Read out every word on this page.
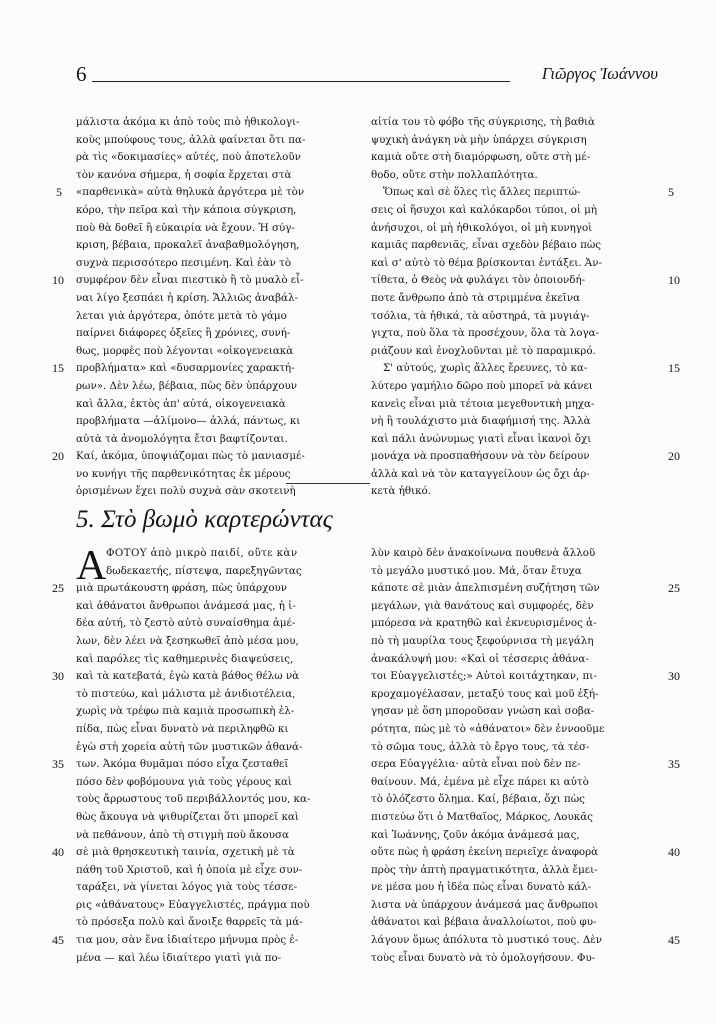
6	Γιῶργος Ἰωάννου
μάλιστα ἀκόμα κι ἀπὸ τοὺς πιὸ ἠθικολογι-
κοὺς μπούφους τους, ἀλλὰ φαίνεται ὅτι πα-
ρὰ τὶς «δοκιμασίες» αὐτές, ποὺ ἀποτελοῦν
τὸν κανόνα σήμερα, ἡ σοφία ἔρχεται στὰ
«παρθενικὰ» αὐτὰ θηλυκὰ ἀργότερα μὲ τὸν
κόρο, τὴν πεῖρα καὶ τὴν κάποια σύγκριση,
ποὺ θὰ δοθεῖ ἢ εὐκαιρία νὰ ἔχουν. Ἡ σύγ-
κριση, βέβαια, προκαλεῖ ἀναβαθμολόγηση,
συχνὰ περισσότερο πεσιμένη. Καὶ ἐὰν τὸ
συμφέρον δὲν εἶναι πιεστικὸ ἢ τὸ μυαλὸ εἶ-
ναι λίγο ξεσπάει ἡ κρίση. Ἄλλιῶς ἀναβάλ-
λεται γιὰ ἀργότερα, ὁπότε μετὰ τὸ γάμο
παίρνει διάφορες ὀξεῖες ἢ χρόνιες, συνή-
θως, μορφὲς ποὺ λέγονται «οἰκογενειακὰ
προβλήματα» καὶ «δυσαρμονίες χαρακτή-
ρων». Δὲν λέω, βέβαια, πὼς δὲν ὑπάρχουν
καὶ ἄλλα, ἐκτὸς ἀπ' αὐτά, οἰκογενειακὰ
προβλήματα —ἀλίμονο— ἀλλά, πάντως, κι
αὐτὰ τὰ ἀνομολόγητα ἔτσι βαφτίζονται.
Καί, ἀκόμα, ὑποψιάζομαι πὼς τὸ μανιασμέ-
νο κυνήγι τῆς παρθενικότητας ἐκ μέρους
ὁρισμένων ἔχει πολὺ συχνὰ σὰν σκοτεινὴ
αἰτία του τὸ φόβο τῆς σύγκρισης, τὴ βαθιὰ
ψυχικὴ ἀνάγκη νὰ μὴν ὑπάρχει σύγκριση
καμιὰ οὔτε στὴ διαμόρφωση, οὔτε στὴ μέ-
θοδο, οὔτε στὴν πολλαπλότητα.
Ὅπως καὶ σὲ ὅλες τὶς ἄλλες περιπτώ-
σεις οἱ ἥσυχοι καὶ καλόκαρδοι τύποι, οἱ μὴ
ἀνήσυχοι, οἱ μὴ ἠθικολόγοι, οἱ μὴ κυνηγοὶ
καμιᾶς παρθενιᾶς, εἶναι σχεδὸν βέβαιο πὼς
καὶ σ' αὐτὸ τὸ θέμα βρίσκονται ἐντάξει. Ἀν-
τίθετα, ὁ Θεὸς νὰ φυλάγει τὸν ὁποιονδή-
ποτε ἄνθρωπο ἀπὸ τὰ στριμμένα ἐκεῖνα
τσόλια, τὰ ἠθικά, τὰ αὐστηρά, τὰ μυγιάγ-
γιχτα, ποὺ ὅλα τὰ προσέχουν, ὅλα τὰ λογα-
ριάζουν καὶ ἐνοχλοῦνται μὲ τὸ παραμικρό.
Σ' αὐτούς, χωρὶς ἄλλες ἔρευνες, τὸ κα-
λύτερο γαμήλιο δῶρο ποὺ μπορεῖ νὰ κάνει
κανεὶς εἶναι μιὰ τέτοια μεγεθυντικὴ μηχα-
νὴ ἢ τουλάχιστο μιὰ διαφήμισή της. Ἀλλὰ
καὶ πάλι ἀνώνυμως γιατὶ εἶναι ἱκανοὶ ὄχι
μονάχα νὰ προσπαθήσουν νὰ τὸν δείρουν
ἀλλὰ καὶ νὰ τὸν καταγγείλουν ὡς ὄχι ἀρ-
κετὰ ἠθικό.
5
10
15
20
5
10
15
20
5. Στὸ βωμὸ καρτερώντας
Α ΦΟΤΟΥ ἀπὸ μικρὸ παιδί, οὔτε κὰν
δωδεκαετής, πίστεψα, παρεξηγῶντας
μιὰ πρωτάκουστη φράση, πὼς ὑπάρχουν
καὶ ἀθάνατοι ἄνθρωποι ἀνάμεσά μας, ἡ ἰ-
δέα αὐτή, τὸ ζεστὸ αὐτὸ συναίσθημα ἀμέ-
λων, δὲν λέει νὰ ξεσηκωθεῖ ἀπὸ μέσα μου,
καὶ παρόλες τὶς καθημερινὲς διαψεύσεις,
καὶ τὰ κατεβατά, ἐγὼ κατὰ βάθος θέλω νὰ
τὸ πιστεύω, καὶ μάλιστα μὲ ἀνιδιοτέλεια,
χωρὶς νὰ τρέφω πιὰ καμιὰ προσωπικὴ ἐλ-
πίδα, πὼς εἶναι δυνατὸ νὰ περιληφθῶ κι
ἐγὼ στὴ χορεία αὐτὴ τῶν μυστικῶν ἀθανά-
των. Ἀκόμα θυμᾶμαι πόσο εἶχα ζεσταθεῖ
πόσο δὲν φοβόμουνα γιὰ τοὺς γέρους καὶ
τοὺς ἄρρωστους τοῦ περιβάλλοντός μου, κα-
θὼς ἄκουγα νὰ ψιθυρίζεται ὅτι μπορεῖ καὶ
νὰ πεθάνουν, ἀπὸ τὴ στιγμὴ ποὺ ἄκουσα
σὲ μιὰ θρησκευτικὴ ταινία, σχετικὴ μὲ τὰ
πάθη τοῦ Χριστοῦ, καὶ ἡ ὁποία μὲ εἶχε συν-
ταράξει, νὰ γίνεται λόγος γιὰ τοὺς τέσσε-
ρις «ἀθάνατους» Εὐαγγελιστές, πράγμα ποὺ
τὸ πρόσεξα πολὺ καὶ ἄνοιξε θαρρεῖς τὰ μά-
τια μου, σὰν ἕνα ἰδιαίτερο μήνυμα πρὸς ἐ-
μένα — καὶ λέω ἰδιαίτερο γιατὶ γιὰ πο-
λὺν καιρὸ δὲν ἀνακοίνωνα πουθενὰ ἄλλοῦ
τὸ μεγάλο μυστικό μου. Μά, ὅταν ἔτυχα
κάποτε σὲ μιὰν ἀπελπισμένη συζήτηση τῶν
μεγάλων, γιὰ θανάτους καὶ συμφορές, δὲν
μπόρεσα νὰ κρατηθῶ καὶ ἐκνευρισμένος ἀ-
πὸ τὴ μαυρίλα τους ξεφούρνισα τὴ μεγάλη
ἀνακάλυψή μου: «Καὶ οἱ τέσσερις ἀθάνα-
τοι Εὐαγγελιστές;» Αὐτοὶ κοιτάχτηκαν, πι-
κροχαμογέλασαν, μεταξύ τους καὶ μοῦ ἐξή-
γησαν μὲ ὅση μποροῦσαν γνώση καὶ σοβα-
ρότητα, πὼς μὲ τὸ «ἀθάνατοι» δὲν ἐννοοῦμε
τὸ σῶμα τους, ἀλλὰ τὸ ἔργο τους, τὰ τέσ-
σερα Εὐαγγέλια· αὐτὰ εἶναι ποὺ δὲν πε-
θαίνουν. Μά, ἐμένα μὲ εἶχε πάρει κι αὐτὸ
τὸ ὀλόζεστο ὄλημα. Καί, βέβαια, ὄχι πὼς
πιστεύω ὅτι ὁ Ματθαῖος, Μάρκος, Λουκᾶς
καὶ Ἰωάννης, ζοῦν ἀκόμα ἀνάμεσά μας,
οὔτε πὼς ἡ φράση ἐκείνη περιεῖχε ἀναφορὰ
πρὸς τὴν ἁπτὴ πραγματικότητα, ἀλλὰ ἔμει-
νε μέσα μου ἡ ἰδέα πὼς εἶναι δυνατὸ κάλ-
λιστα νὰ ὑπάρχουν ἀνάμεσά μας ἄνθρωποι
ἀθάνατοι καὶ βέβαια ἀναλλοίωτοι, ποὺ φυ-
λάγουν ὅμως ἀπόλυτα τὸ μυστικό τους. Δὲν
τοὺς εἶναι δυνατὸ νὰ τὸ ὁμολογήσουν. Φυ-
25
30
35
40
45
25
30
35
40
45
